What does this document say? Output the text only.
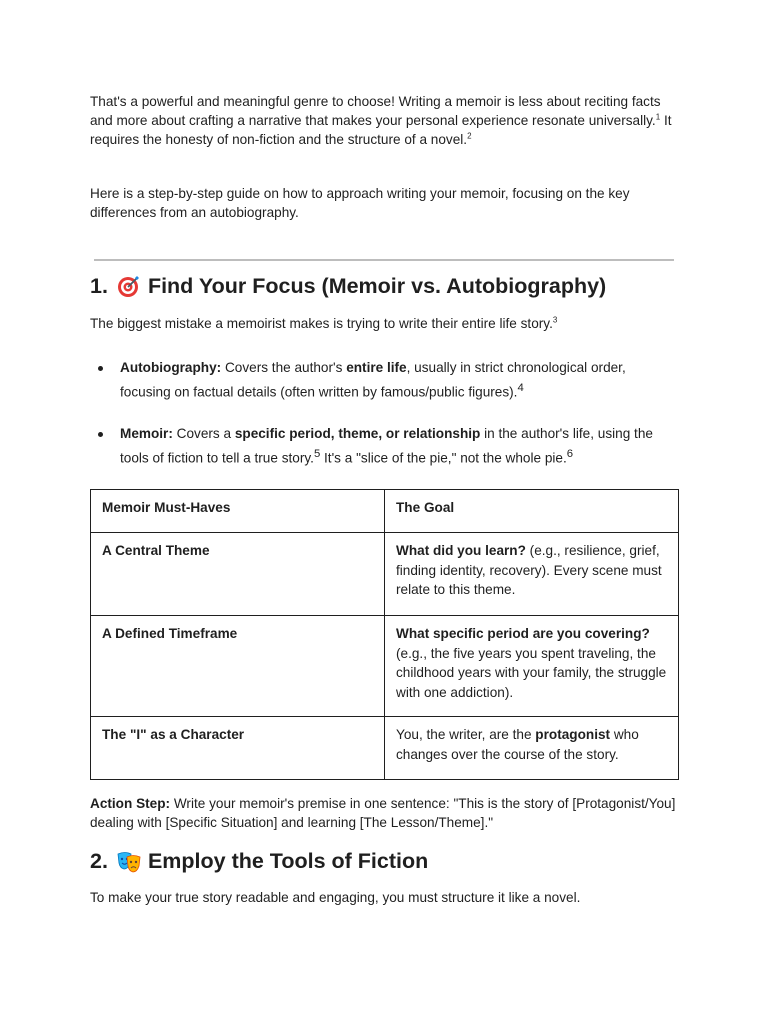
That's a powerful and meaningful genre to choose! Writing a memoir is less about reciting facts and more about crafting a narrative that makes your personal experience resonate universally.$^1$ It requires the honesty of non-fiction and the structure of a novel.$^2$

Here is a step-by-step guide on how to approach writing your memoir, focusing on the key differences from an autobiography.

1. Find Your Focus (Memoir vs. Autobiography)

The biggest mistake a memoirist makes is trying to write their entire life story.$^3$

Autobiography: Covers the author's entire life, usually in strict chronological order, focusing on factual details (often written by famous/public figures).$^4$
Memoir: Covers a specific period, theme, or relationship in the author's life, using the tools of fiction to tell a true story.$^5$ It's a "slice of the pie," not the whole pie.$^6$
Memoir Must-Haves	The Goal
A Central Theme	What did you learn? (e.g., resilience, grief, finding identity, recovery). Every scene must relate to this theme.
A Defined Timeframe	What specific period are you covering? (e.g., the five years you spent traveling, the childhood years with your family, the struggle with one addiction).
The "I" as a Character	You, the writer, are the protagonist who changes over the course of the story.

Action Step: Write your memoir's premise in one sentence: "This is the story of [Protagonist/You] dealing with [Specific Situation] and learning [The Lesson/Theme]."

2. Employ the Tools of Fiction

To make your true story readable and engaging, you must structure it like a novel.
